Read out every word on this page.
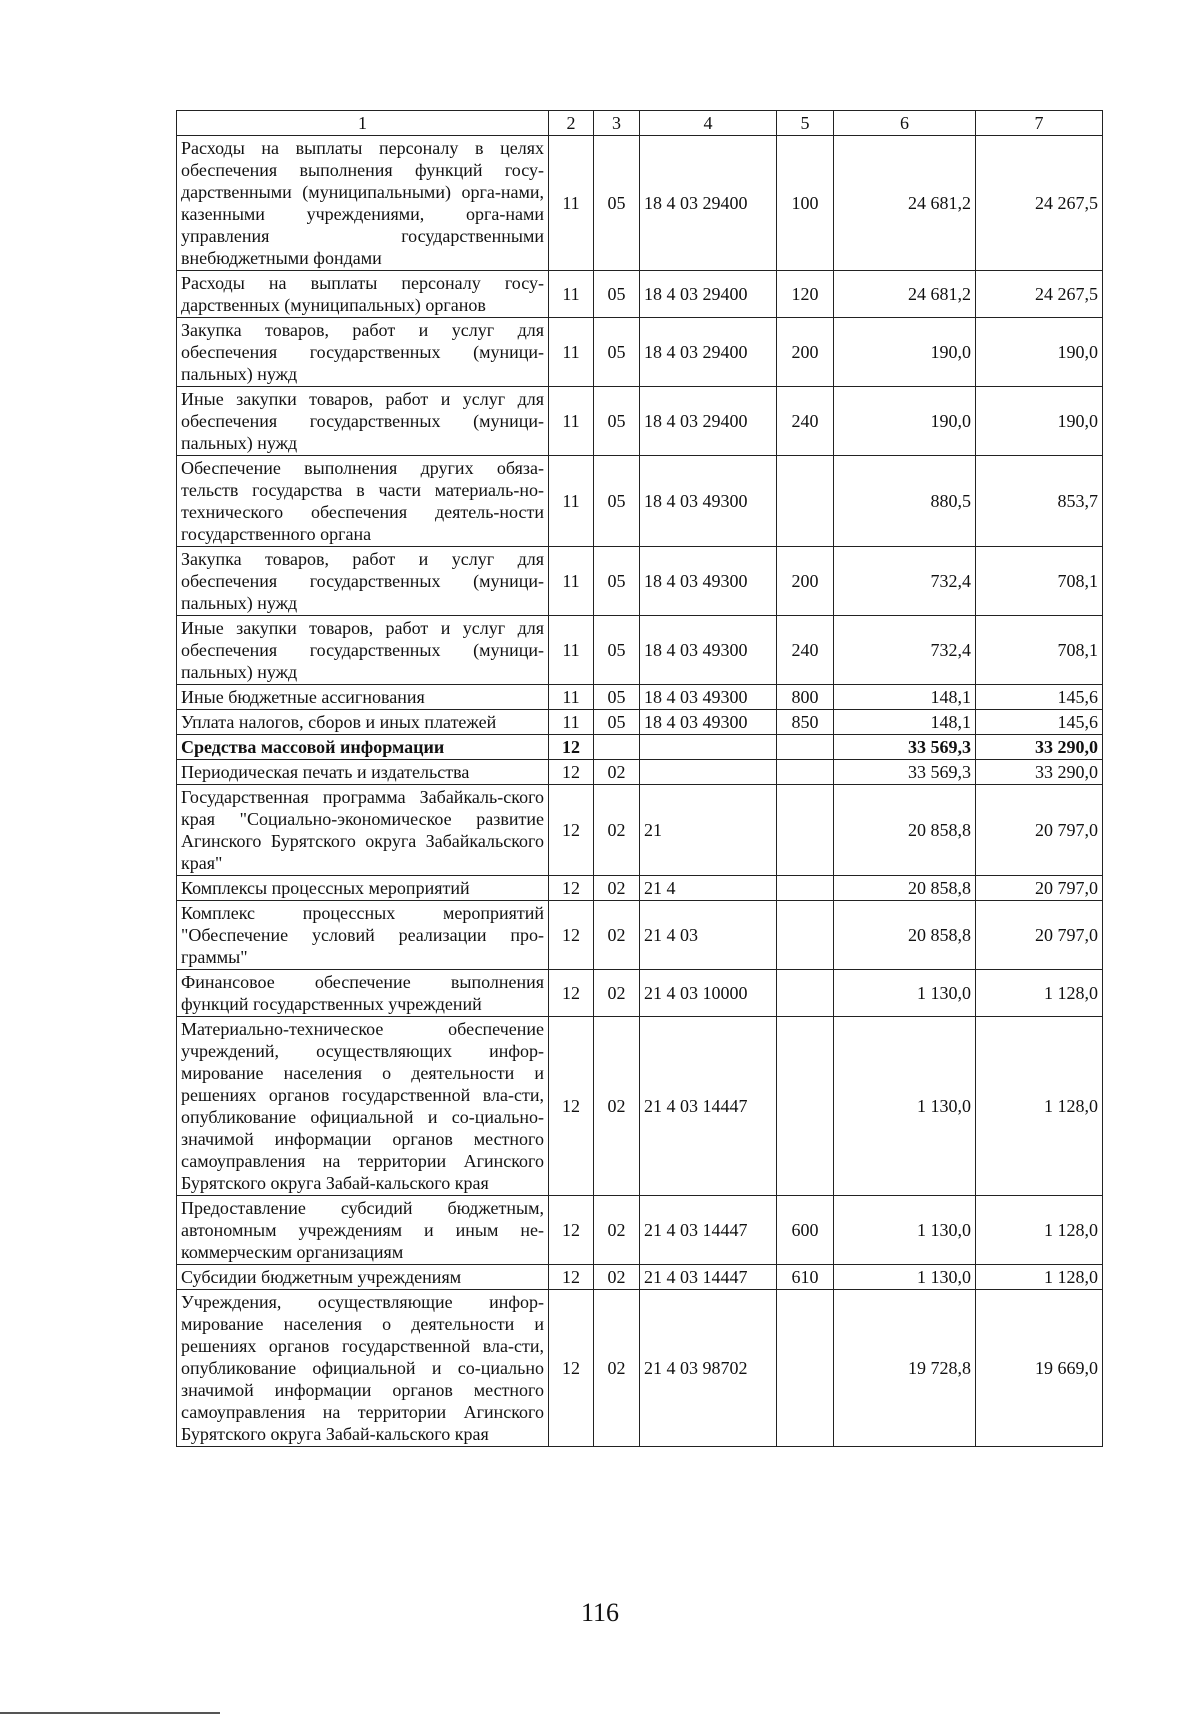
1	2	3	4	5	6	7
Расходы на выплаты персоналу в целях обеспечения выполнения функций госу-дарственными (муниципальными) орга-нами, казенными учреждениями, орга-нами управления государственными внебюджетными фондами	11	05	18 4 03 29400	100	24 681,2	24 267,5
Расходы на выплаты персоналу госу-дарственных (муниципальных) органов	11	05	18 4 03 29400	120	24 681,2	24 267,5
Закупка товаров, работ и услуг для обеспечения государственных (муници-пальных) нужд	11	05	18 4 03 29400	200	190,0	190,0
Иные закупки товаров, работ и услуг для обеспечения государственных (муници-пальных) нужд	11	05	18 4 03 29400	240	190,0	190,0
Обеспечение выполнения других обяза-тельств государства в части материаль-но-технического обеспечения деятель-ности государственного органа	11	05	18 4 03 49300		880,5	853,7
Закупка товаров, работ и услуг для обеспечения государственных (муници-пальных) нужд	11	05	18 4 03 49300	200	732,4	708,1
Иные закупки товаров, работ и услуг для обеспечения государственных (муници-пальных) нужд	11	05	18 4 03 49300	240	732,4	708,1
Иные бюджетные ассигнования	11	05	18 4 03 49300	800	148,1	145,6
Уплата налогов, сборов и иных платежей	11	05	18 4 03 49300	850	148,1	145,6
Средства массовой информации	12				33 569,3	33 290,0
Периодическая печать и издательства	12	02			33 569,3	33 290,0
Государственная программа Забайкаль-ского края "Социально-экономическое развитие Агинского Бурятского округа Забайкальского края"	12	02	21		20 858,8	20 797,0
Комплексы процессных мероприятий	12	02	21 4		20 858,8	20 797,0
Комплекс процессных мероприятий "Обеспечение условий реализации про-граммы"	12	02	21 4 03		20 858,8	20 797,0
Финансовое обеспечение выполнения функций государственных учреждений	12	02	21 4 03 10000		1 130,0	1 128,0
Материально-техническое обеспечение учреждений, осуществляющих инфор-мирование населения о деятельности и решениях органов государственной вла-сти, опубликование официальной и со-циально-значимой информации органов местного самоуправления на территории Агинского Бурятского округа Забай-кальского края	12	02	21 4 03 14447		1 130,0	1 128,0
Предоставление субсидий бюджетным, автономным учреждениям и иным не-коммерческим организациям	12	02	21 4 03 14447	600	1 130,0	1 128,0
Субсидии бюджетным учреждениям	12	02	21 4 03 14447	610	1 130,0	1 128,0
Учреждения, осуществляющие инфор-мирование населения о деятельности и решениях органов государственной вла-сти, опубликование официальной и со-циально значимой информации органов местного самоуправления на территории Агинского Бурятского округа Забай-кальского края	12	02	21 4 03 98702		19 728,8	19 669,0
116
